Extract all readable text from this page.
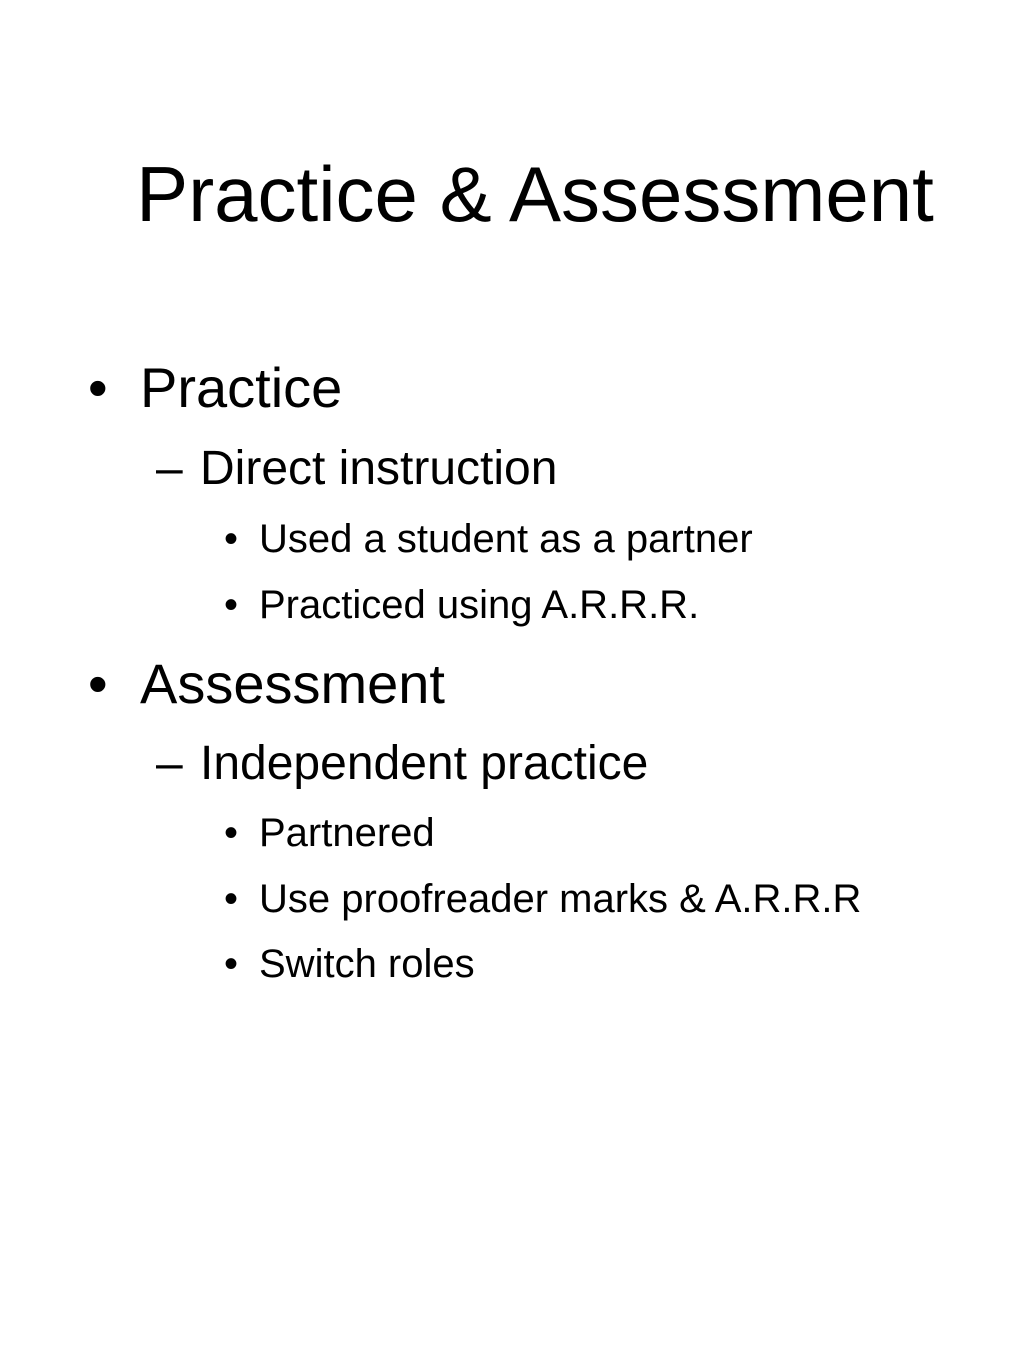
Practice & Assessment
• Practice
– Direct instruction
• Used a student as a partner
• Practiced using A.R.R.R.
• Assessment
– Independent practice
• Partnered
• Use proofreader marks & A.R.R.R
• Switch roles
